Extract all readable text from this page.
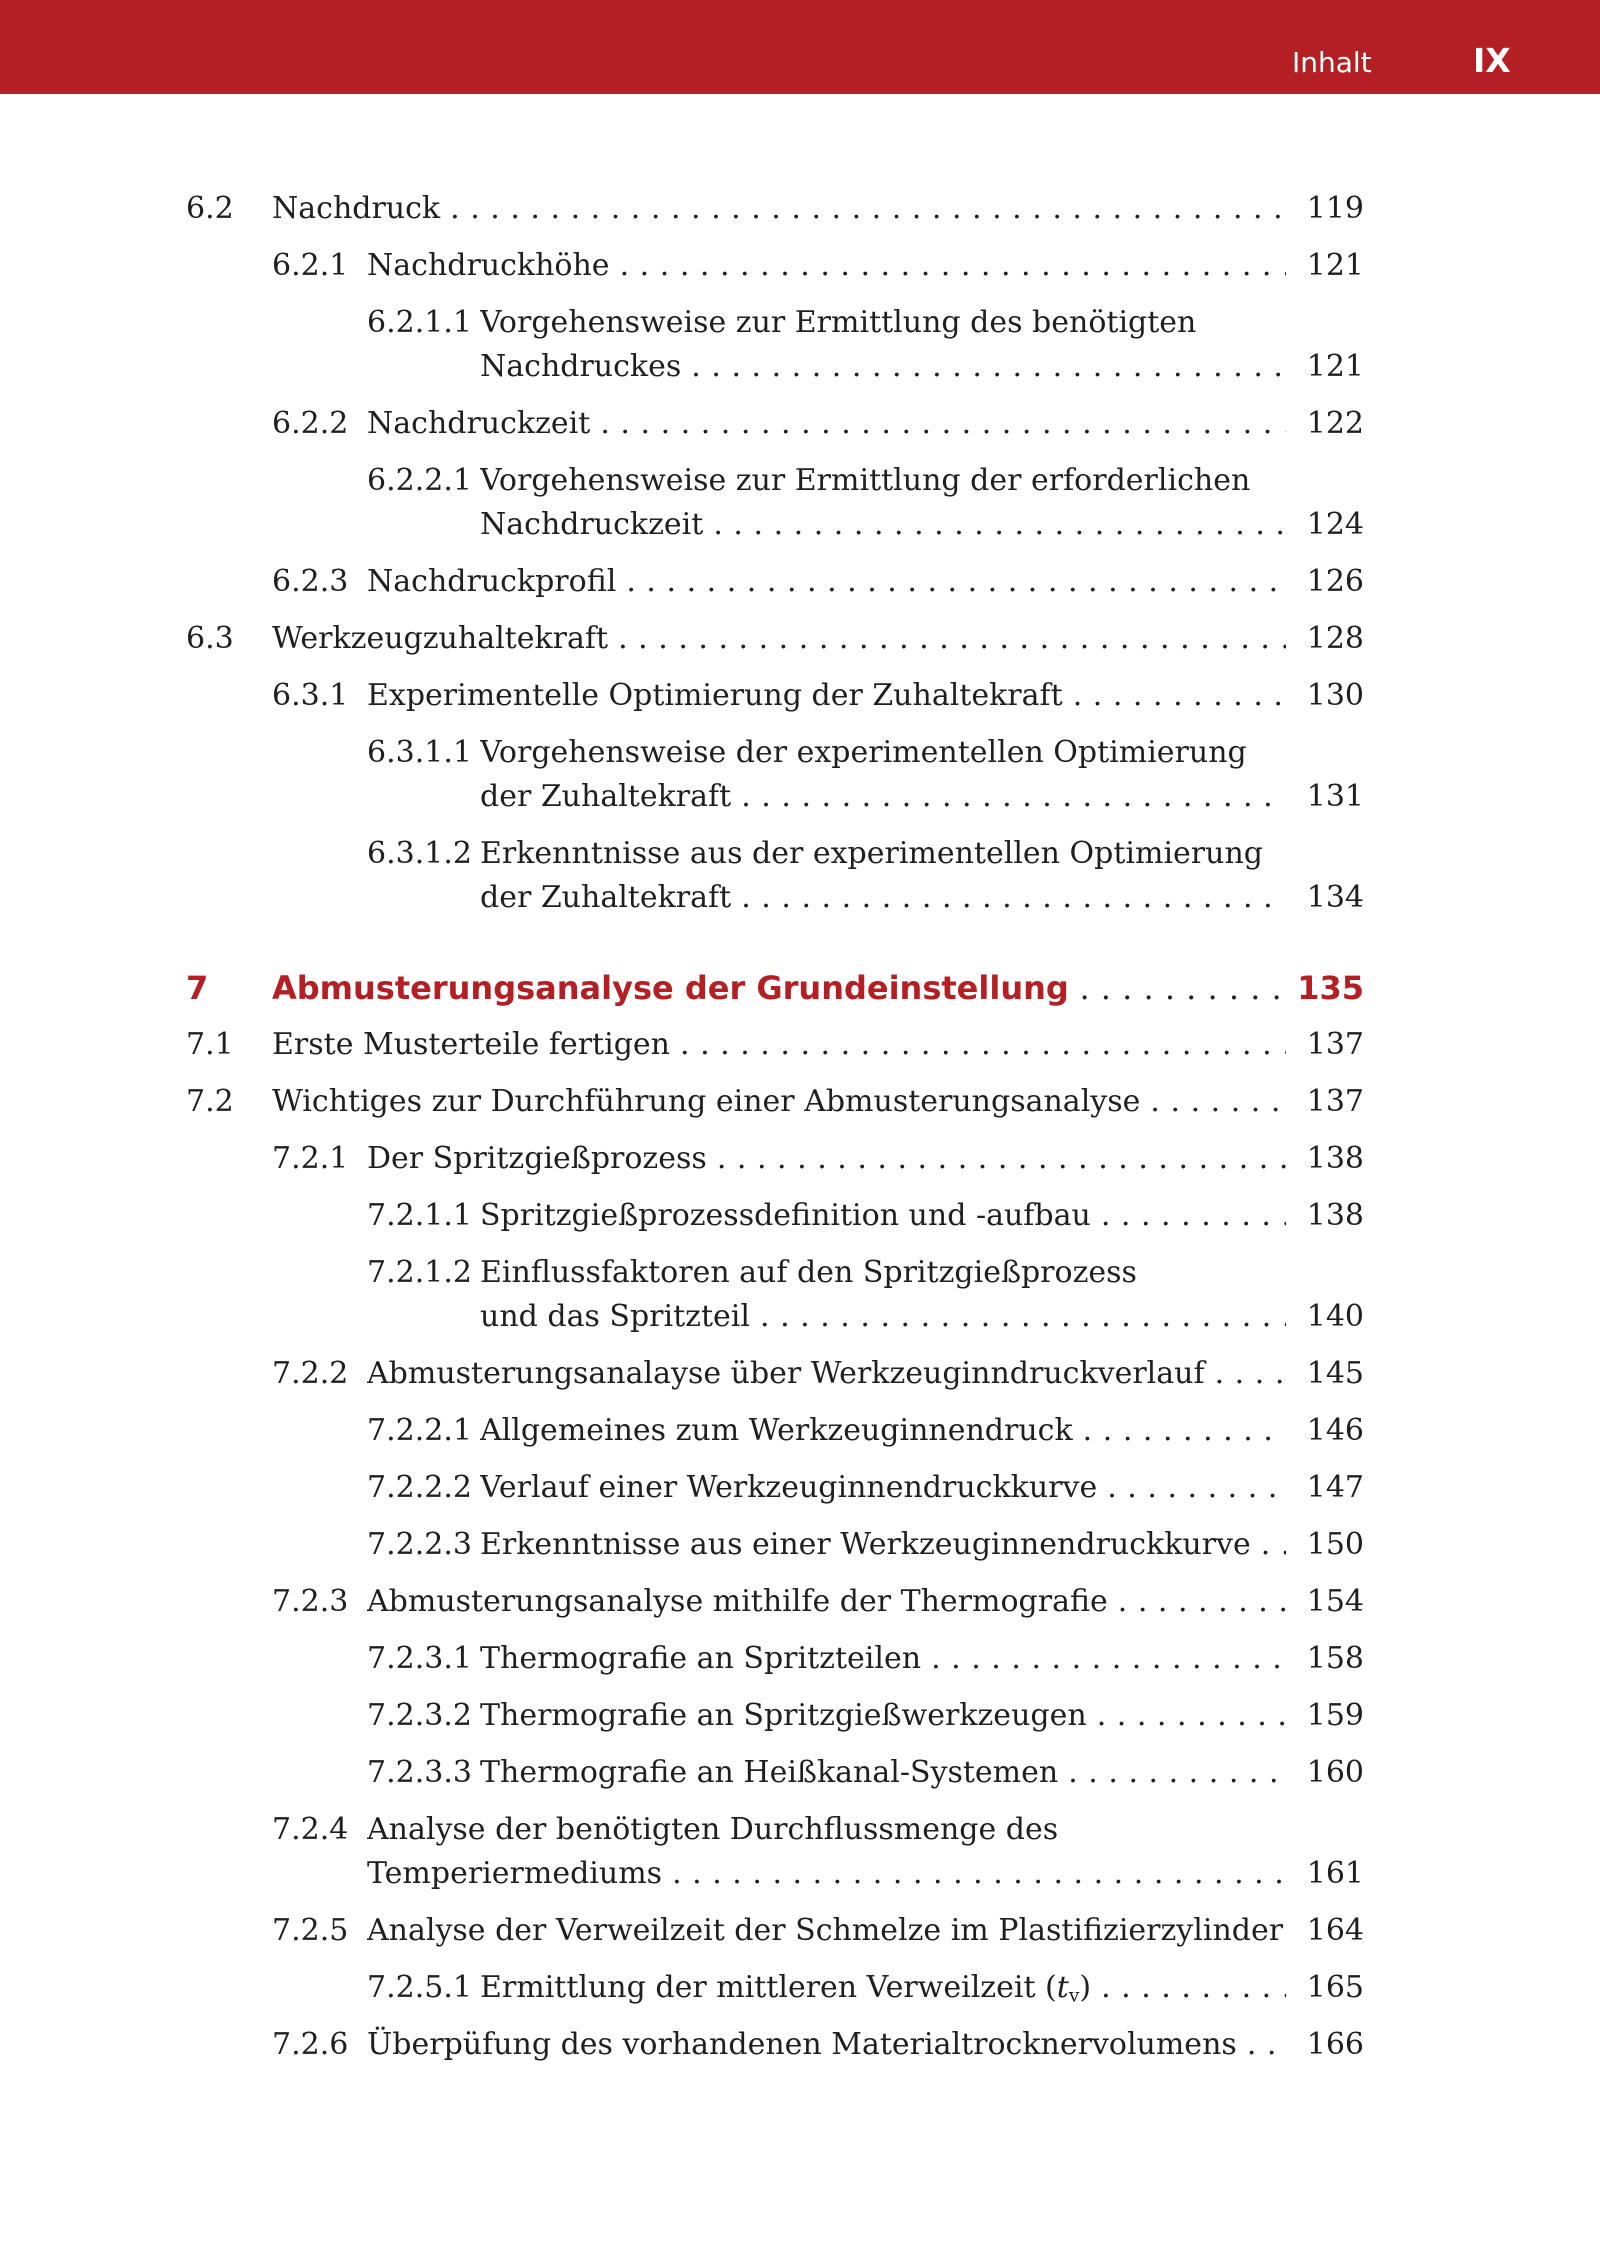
Inhalt	IX
6.2 Nachdruck . . .	119
6.2.1 Nachdruckhöhe . . .	121
6.2.1.1 Vorgehensweise zur Ermittlung des benötigten
Nachdruckes . . .	121
6.2.2 Nachdruckzeit . . .	122
6.2.2.1 Vorgehensweise zur Ermittlung der erforderlichen
Nachdruckzeit . . .	124
6.2.3 Nachdruckprofil . . .	126
6.3 Werkzeugzuhaltekraft . . .	128
6.3.1 Experimentelle Optimierung der Zuhaltekraft . . .	130
6.3.1.1 Vorgehensweise der experimentellen Optimierung
der Zuhaltekraft . . .	131
6.3.1.2 Erkenntnisse aus der experimentellen Optimierung
der Zuhaltekraft . . .	134
7 Abmusterungsanalyse der Grundeinstellung . . .	135
7.1 Erste Musterteile fertigen . . .	137
7.2 Wichtiges zur Durchführung einer Abmusterungsanalyse . . .	137
7.2.1 Der Spritzgießprozess . . .	138
7.2.1.1 Spritzgießprozessdefinition und -aufbau . . .	138
7.2.1.2 Einflussfaktoren auf den Spritzgießprozess
und das Spritzteil . . .	140
7.2.2 Abmusterungsanalayse über Werkzeuginndruckverlauf . . .	145
7.2.2.1 Allgemeines zum Werkzeuginnendruck . . .	146
7.2.2.2 Verlauf einer Werkzeuginnendruckkurve . . .	147
7.2.2.3 Erkenntnisse aus einer Werkzeuginnendruckkurve . . .	150
7.2.3 Abmusterungsanalyse mithilfe der Thermografie . . .	154
7.2.3.1 Thermografie an Spritzteilen . . .	158
7.2.3.2 Thermografie an Spritzgießwerkzeugen . . .	159
7.2.3.3 Thermografie an Heißkanal-Systemen . . .	160
7.2.4 Analyse der benötigten Durchflussmenge des
Temperiermediums . . .	161
7.2.5 Analyse der Verweilzeit der Schmelze im Plastifizierzylinder . . . 164
7.2.5.1 Ermittlung der mittleren Verweilzeit $(t_v)$ . . .	165
7.2.6 Überpüfung des vorhandenen Materialtrocknervolumens . . .	166
